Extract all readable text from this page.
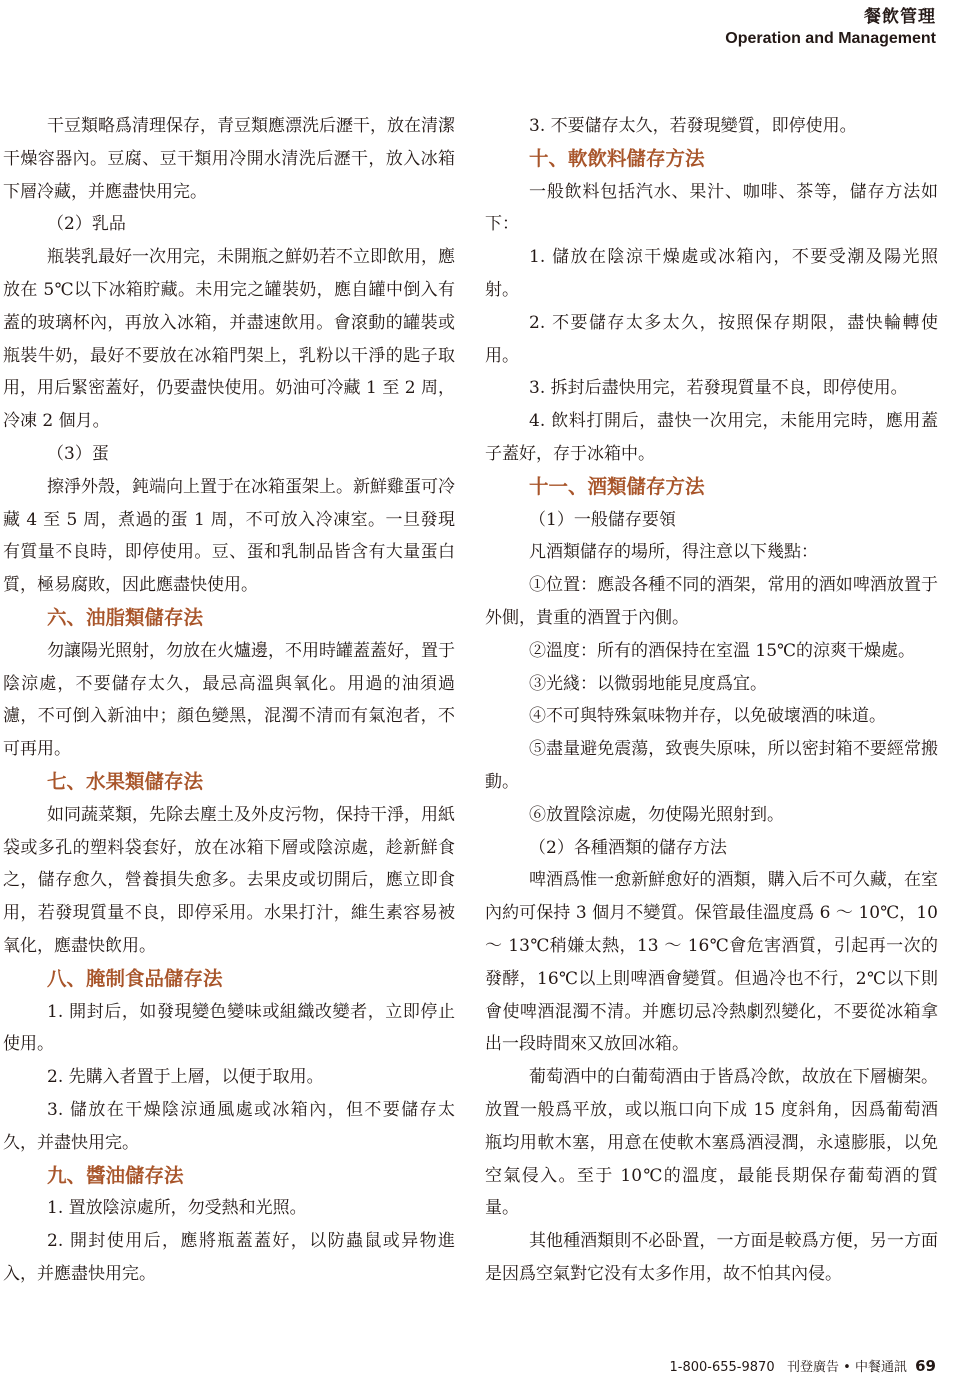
餐飲管理
Operation and Management

干豆類略爲清理保存，青豆類應漂洗后瀝干，放在清潔干燥容器內。豆腐、豆干類用冷開水清洗后瀝干，放入冰箱下層冷藏，并應盡快用完。

（2）乳品

瓶裝乳最好一次用完，未開瓶之鮮奶若不立即飲用，應放在 5℃以下冰箱貯藏。未用完之罐裝奶，應自罐中倒入有蓋的玻璃杯內，再放入冰箱，并盡速飲用。會滾動的罐裝或瓶裝牛奶，最好不要放在冰箱門架上，乳粉以干淨的匙子取用，用后緊密蓋好，仍要盡快使用。奶油可冷藏 1 至 2 周，冷凍 2 個月。

（3）蛋

擦淨外殼，鈍端向上置于在冰箱蛋架上。新鮮雞蛋可冷藏 4 至 5 周，煮過的蛋 1 周，不可放入冷凍室。一旦發現有質量不良時，即停使用。豆、蛋和乳制品皆含有大量蛋白質，極易腐敗，因此應盡快使用。

六、油脂類儲存法

勿讓陽光照射，勿放在火爐邊，不用時罐蓋蓋好，置于陰涼處，不要儲存太久，最忌高溫與氧化。用過的油須過濾，不可倒入新油中；顔色變黑，混濁不清而有氣泡者，不可再用。

七、水果類儲存法

如同蔬菜類，先除去塵土及外皮污物，保持干淨，用紙袋或多孔的塑料袋套好，放在冰箱下層或陰涼處，趁新鮮食之，儲存愈久，營養損失愈多。去果皮或切開后，應立即食用，若發現質量不良，即停采用。水果打汁，維生素容易被氧化，應盡快飲用。

八、腌制食品儲存法

1. 開封后，如發現變色變味或組織改變者，立即停止使用。

2. 先購入者置于上層，以便于取用。

3. 儲放在干燥陰涼通風處或冰箱內，但不要儲存太久，并盡快用完。

九、醬油儲存法

1. 置放陰涼處所，勿受熱和光照。

2. 開封使用后，應將瓶蓋蓋好，以防蟲鼠或异物進入，并應盡快用完。

3. 不要儲存太久，若發現變質，即停使用。

十、軟飲料儲存方法

一般飲料包括汽水、果汁、咖啡、茶等，儲存方法如下：

1. 儲放在陰涼干燥處或冰箱內，不要受潮及陽光照射。

2. 不要儲存太多太久，按照保存期限，盡快輪轉使用。

3. 拆封后盡快用完，若發現質量不良，即停使用。

4. 飲料打開后，盡快一次用完，未能用完時，應用蓋子蓋好，存于冰箱中。

十一、酒類儲存方法

（1）一般儲存要領

凡酒類儲存的場所，得注意以下幾點：

①位置：應設各種不同的酒架，常用的酒如啤酒放置于外側，貴重的酒置于內側。

②溫度：所有的酒保持在室溫 15℃的涼爽干燥處。

③光綫：以微弱地能見度爲宜。

④不可與特殊氣味物并存，以免破壞酒的味道。

⑤盡量避免震蕩，致喪失原味，所以密封箱不要經常搬動。

⑥放置陰涼處，勿使陽光照射到。

（2）各種酒類的儲存方法

啤酒爲惟一愈新鮮愈好的酒類，購入后不可久藏，在室內約可保持 3 個月不變質。保管最佳溫度爲 6 ～ 10℃，10 ～ 13℃稍嫌太熱，13 ～ 16℃會危害酒質，引起再一次的發酵，16℃以上則啤酒會變質。但過冷也不行，2℃以下則會使啤酒混濁不清。并應切忌冷熱劇烈變化，不要從冰箱拿出一段時間來又放回冰箱。

葡萄酒中的白葡萄酒由于皆爲冷飲，故放在下層櫥架。放置一般爲平放，或以瓶口向下成 15 度斜角，因爲葡萄酒瓶均用軟木塞，用意在使軟木塞爲酒浸潤，永遠膨脹，以免空氣侵入。至于 10℃的溫度，最能長期保存葡萄酒的質量。

其他種酒類則不必卧置，一方面是較爲方便，另一方面是因爲空氣對它没有太多作用，故不怕其內侵。

1-800-655-9870 刊登廣告 • 中餐通訊 69
